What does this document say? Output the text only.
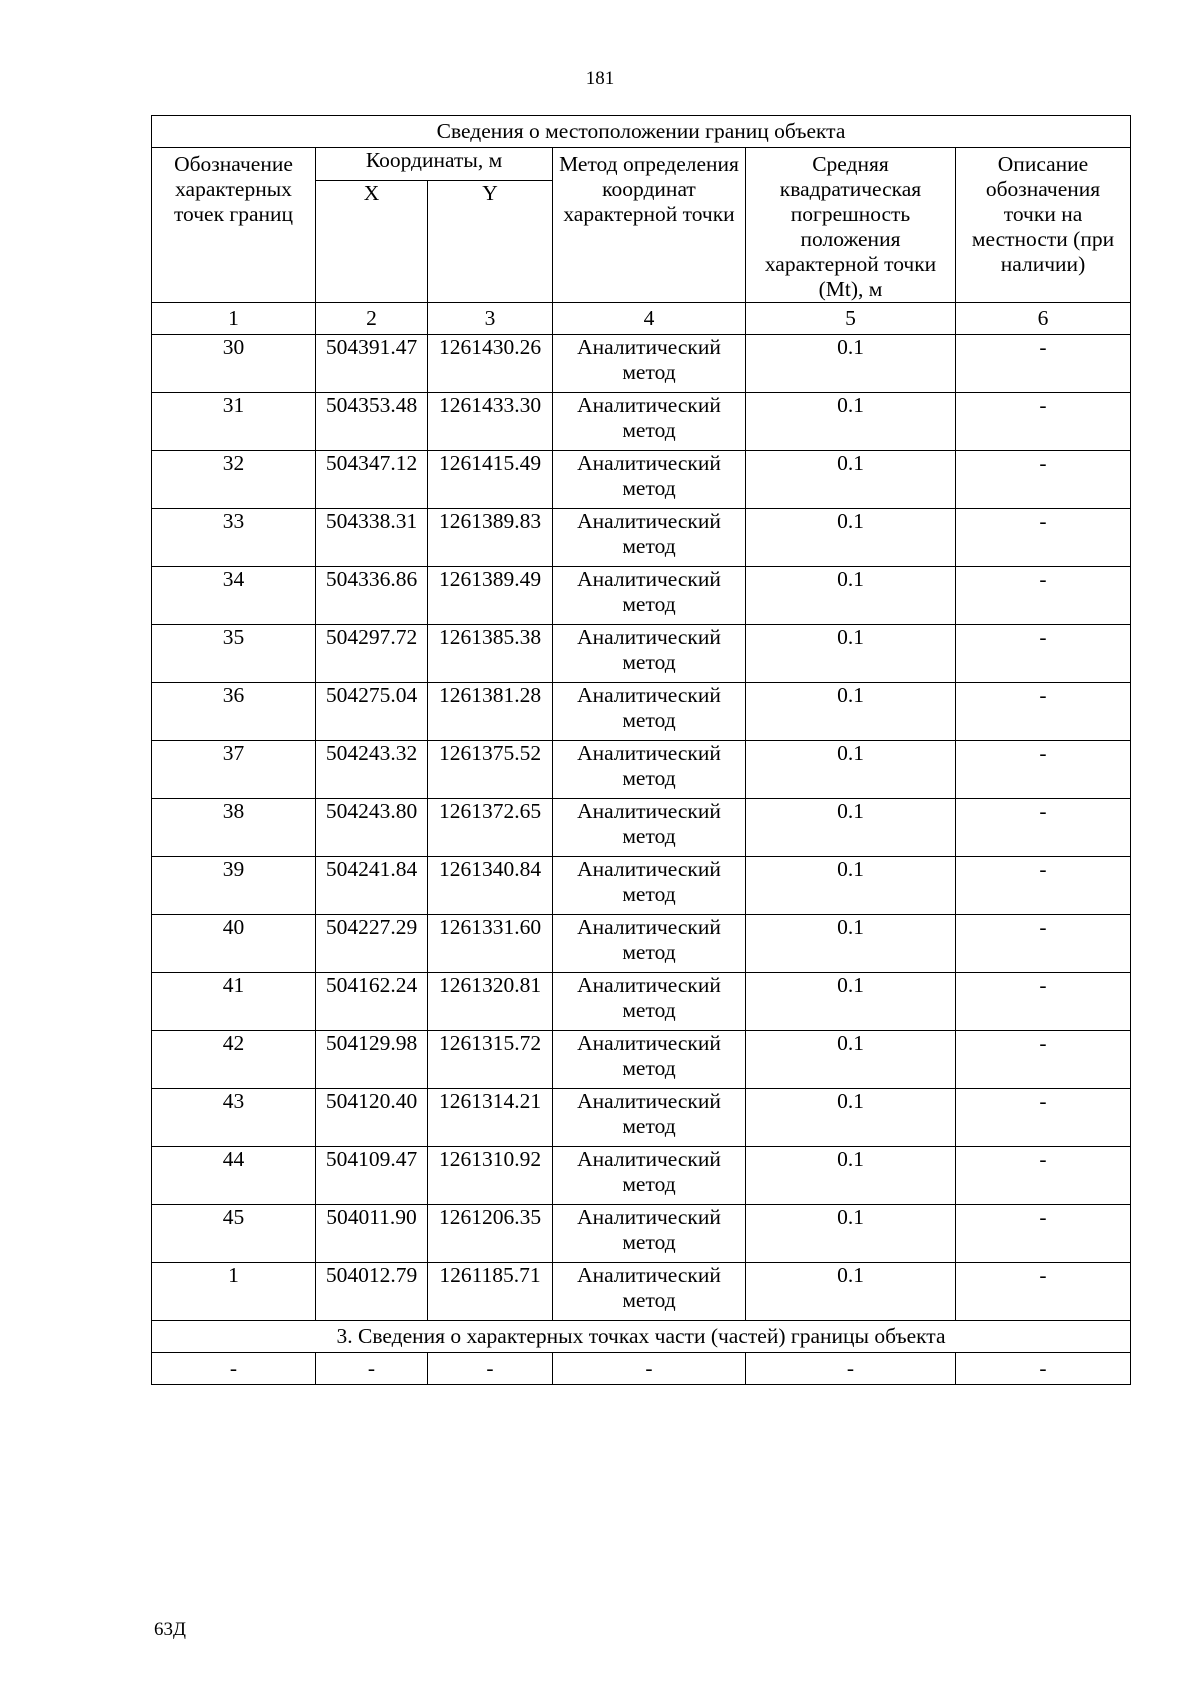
181
Сведения о местоположении границ объекта					
Обозначение характерных точек границ	Координаты, м		Метод определения координат характерной точки	Средняя квадратическая погрешность положения характерной точки (Mt), м	Описание обозначения точки на местности (при наличии)
	X	Y			
1	2	3	4	5	6
30	504391.47	1261430.26	Аналитический метод	0.1	-
31	504353.48	1261433.30	Аналитический метод	0.1	-
32	504347.12	1261415.49	Аналитический метод	0.1	-
33	504338.31	1261389.83	Аналитический метод	0.1	-
34	504336.86	1261389.49	Аналитический метод	0.1	-
35	504297.72	1261385.38	Аналитический метод	0.1	-
36	504275.04	1261381.28	Аналитический метод	0.1	-
37	504243.32	1261375.52	Аналитический метод	0.1	-
38	504243.80	1261372.65	Аналитический метод	0.1	-
39	504241.84	1261340.84	Аналитический метод	0.1	-
40	504227.29	1261331.60	Аналитический метод	0.1	-
41	504162.24	1261320.81	Аналитический метод	0.1	-
42	504129.98	1261315.72	Аналитический метод	0.1	-
43	504120.40	1261314.21	Аналитический метод	0.1	-
44	504109.47	1261310.92	Аналитический метод	0.1	-
45	504011.90	1261206.35	Аналитический метод	0.1	-
1	504012.79	1261185.71	Аналитический метод	0.1	-
3. Сведения о характерных точках части (частей) границы объекта					
-	-	-	-	-	-
63Д
